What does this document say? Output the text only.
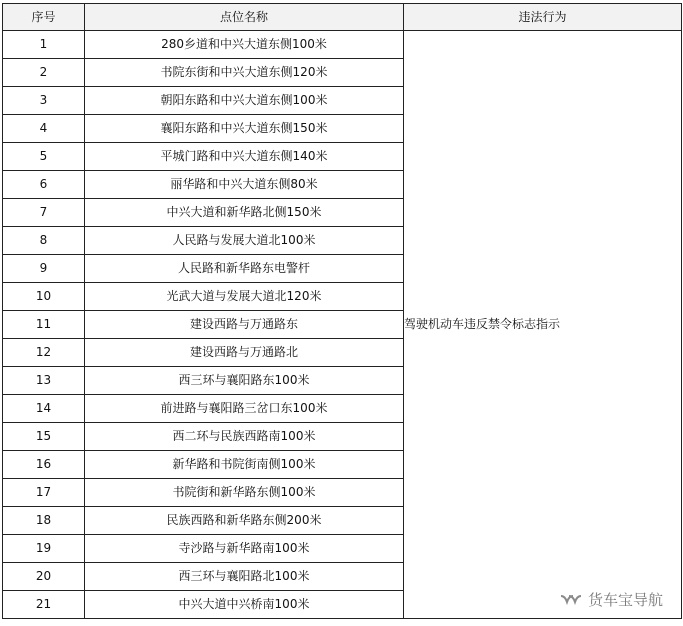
序号	点位名称	违法行为
1	280乡道和中兴大道东侧100米	驾驶机动车违反禁令标志指示
2	书院东街和中兴大道东侧120米	
3	朝阳东路和中兴大道东侧100米	
4	襄阳东路和中兴大道东侧150米	
5	平城门路和中兴大道东侧140米	
6	丽华路和中兴大道东侧80米	
7	中兴大道和新华路北侧150米	
8	人民路与发展大道北100米	
9	人民路和新华路东电警杆	
10	光武大道与发展大道北120米	
11	建设西路与万通路东	
12	建设西路与万通路北	
13	西三环与襄阳路东100米	
14	前进路与襄阳路三岔口东100米	
15	西二环与民族西路南100米	
16	新华路和书院街南侧100米	
17	书院街和新华路东侧100米	
18	民族西路和新华路东侧200米	
19	寺沙路与新华路南100米	
20	西三环与襄阳路北100米	
21	中兴大道中兴桥南100米		货车宝导航
